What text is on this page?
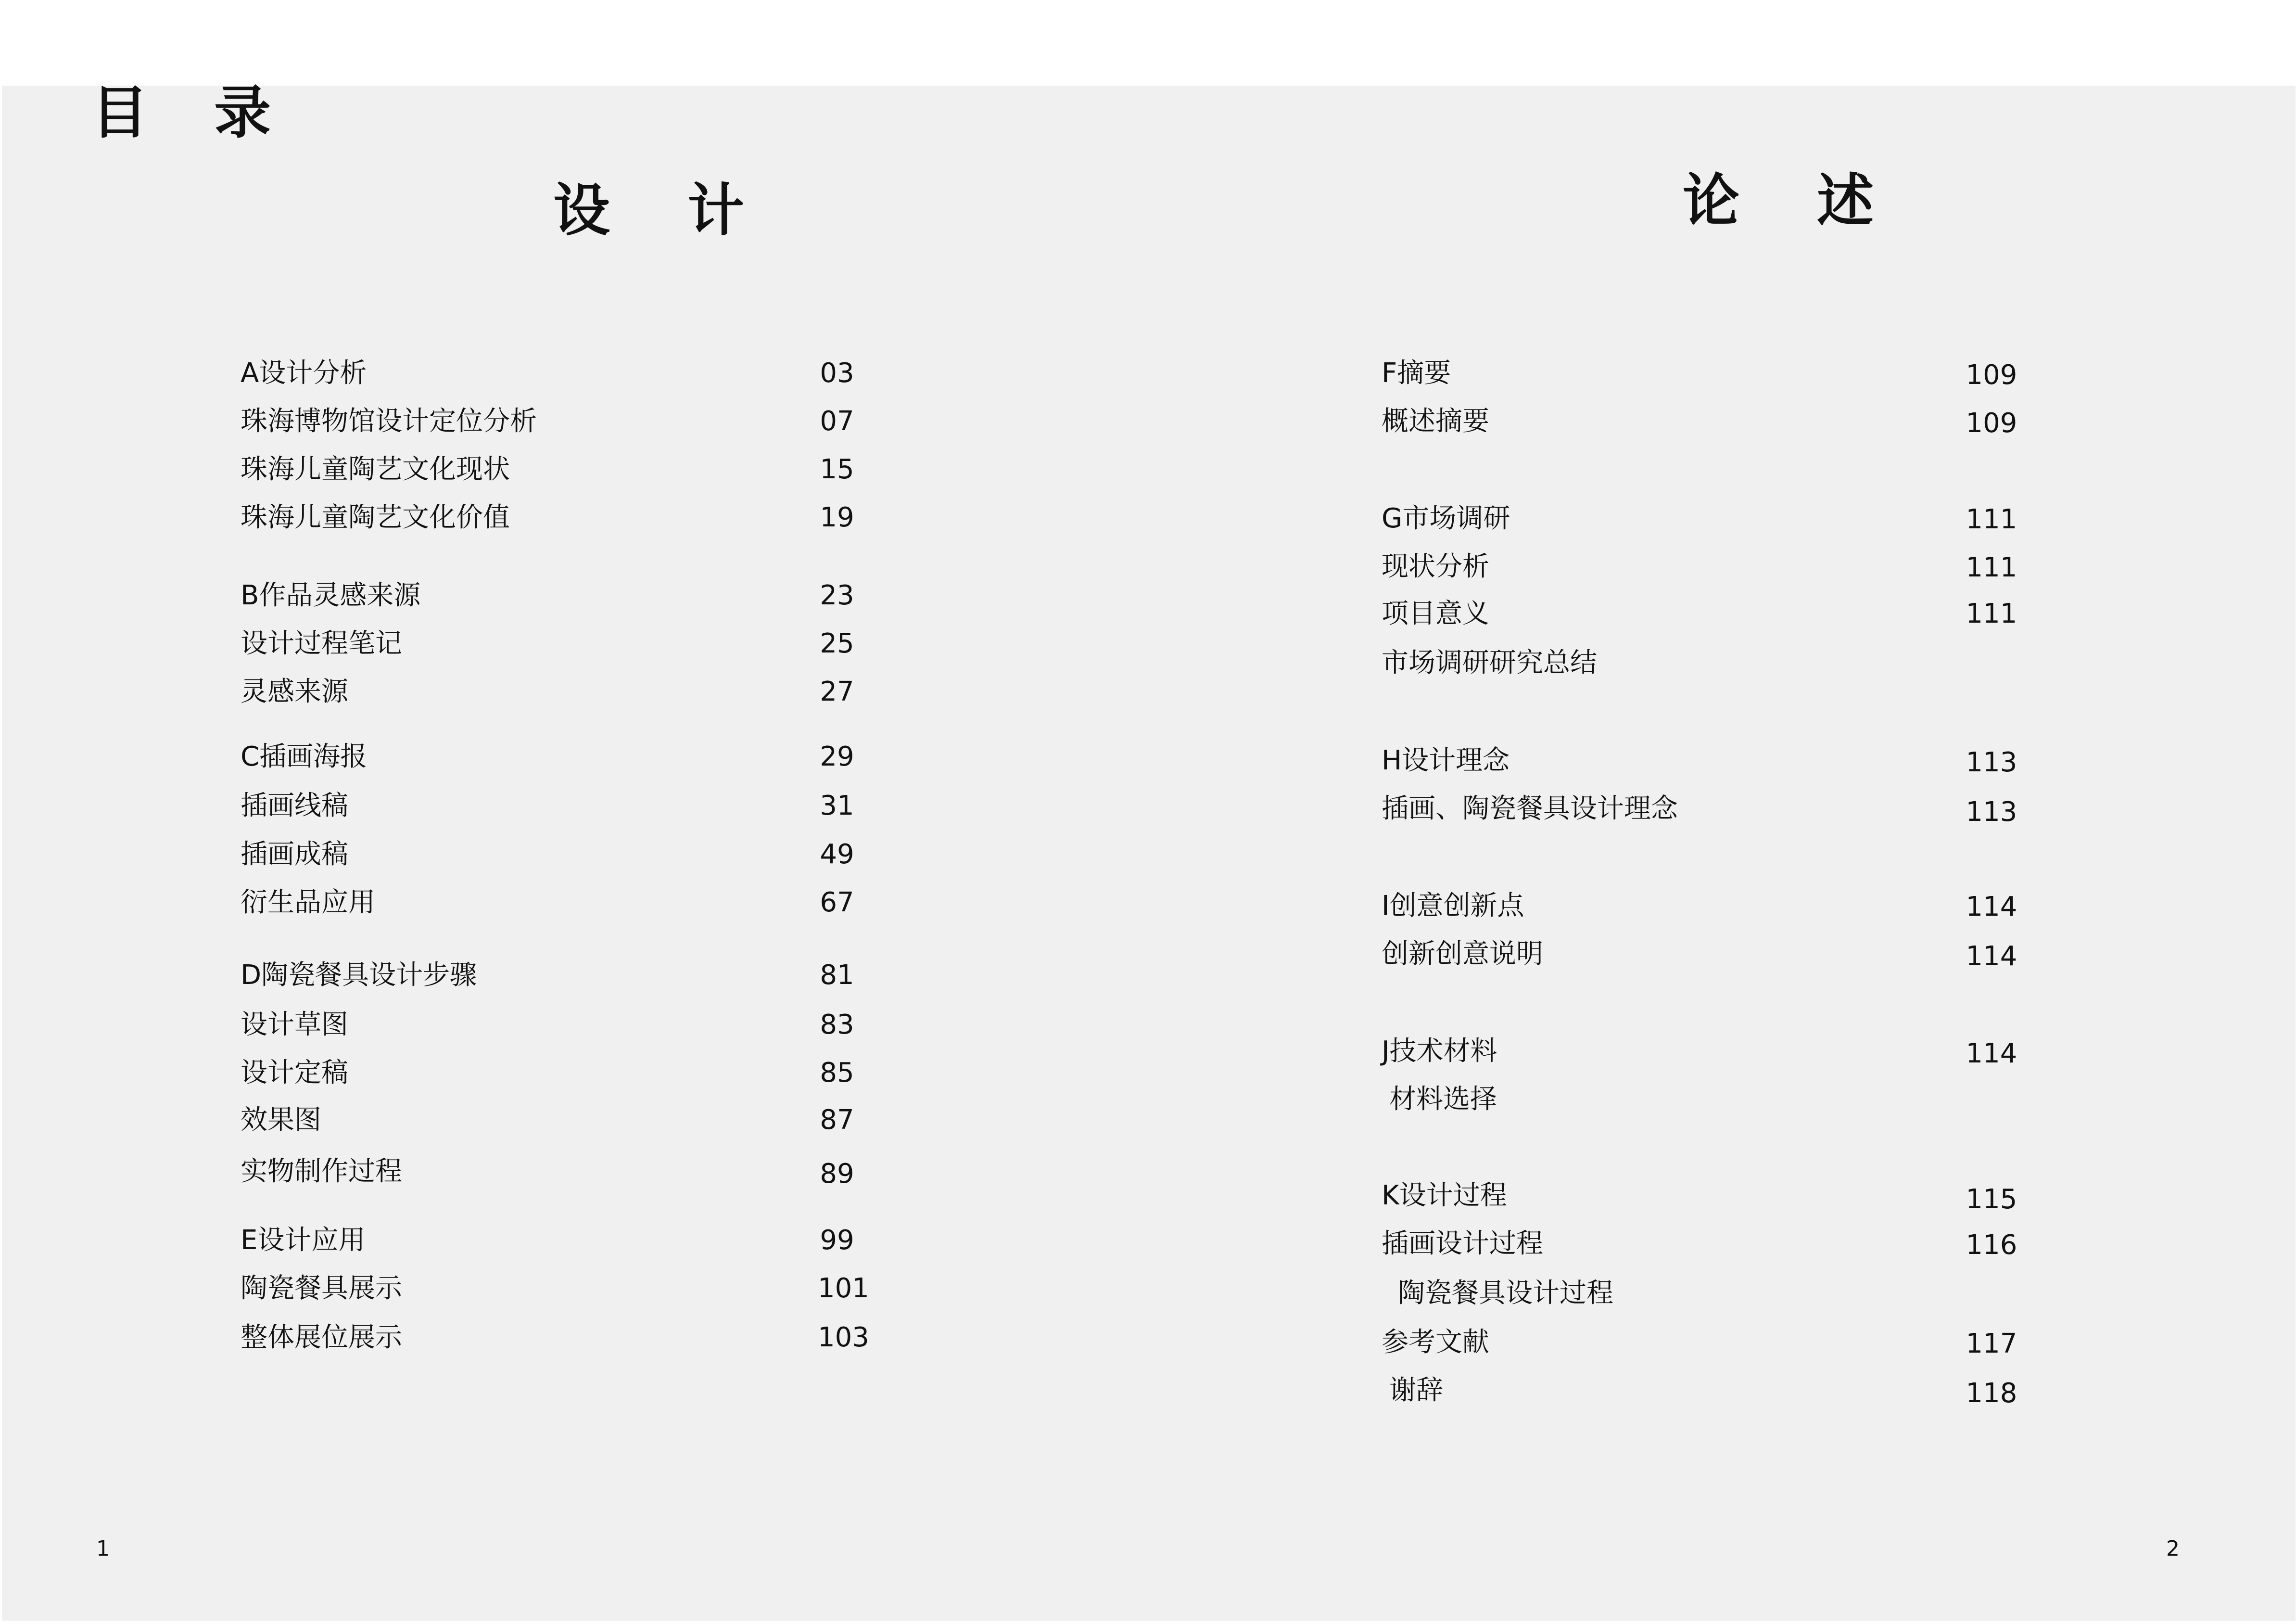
目 录
设 计	论 述
A设计分析	03
珠海博物馆设计定位分析	07
珠海儿童陶艺文化现状	15
珠海儿童陶艺文化价值	19
B作品灵感来源	23
设计过程笔记	25
灵感来源	27
C插画海报	29
插画线稿	31
插画成稿	49
衍生品应用	67
D陶瓷餐具设计步骤	81
设计草图	83
设计定稿	85
效果图	87
实物制作过程	89
E设计应用	99
陶瓷餐具展示	101
整体展位展示	103
F摘要	109
概述摘要	109
G市场调研	111
现状分析	111
项目意义	111
市场调研研究总结
H设计理念	113
插画、陶瓷餐具设计理念	113
I创意创新点	114
创新创意说明	114
J技术材料	114
材料选择
K设计过程	115
插画设计过程	116
陶瓷餐具设计过程
参考文献	117
谢辞	118
1	2
